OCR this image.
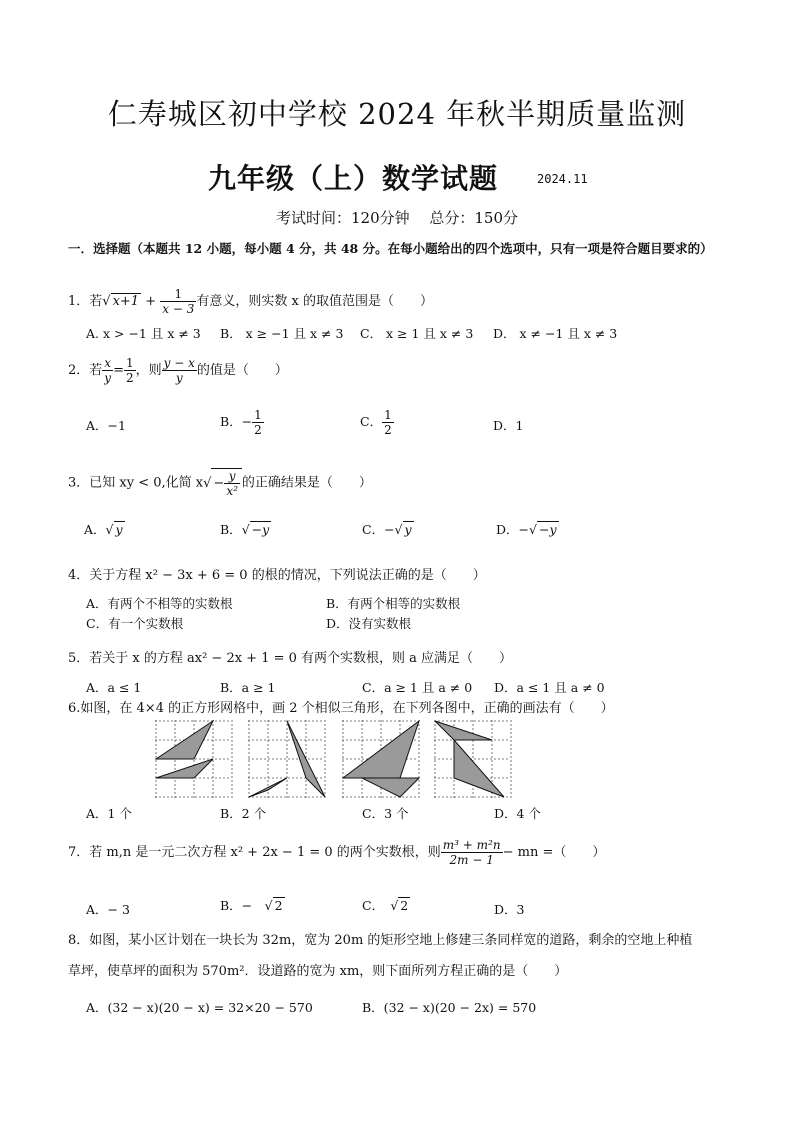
仁寿城区初中学校 2024 年秋半期质量监测
九年级（上）数学试题	2024.11
考试时间：120分钟　 总分：150分
一．选择题（本题共 12 小题，每小题 4 分，共 48 分。在每小题给出的四个选项中，只有一项是符合题目要求的）
1．若√ $x+1 + \frac{1}{x - 3}$ 有意义，则实数 x 的取值范围是（　　）
A. x > −1 且 x ≠ 3 B． x ≥ −1 且 x ≠ 3 C． x ≥ 1 且 x ≠ 3 D． x ≠ −1 且 x ≠ 3
2．若 $\frac{x}{y} = \frac{1}{2}$ ，则 $\frac{y - x}{y}$ 的值是（　　）
A．−1	B．− $\frac{1}{2}$	C． $\frac{1}{2}$	D．1
3．已知 xy < 0,化简 $x√ - \frac{y}{\text{x²}}$ 的正确结果是（　　）
A．√ y	B．√ −y	C．−√ y	D．−√ −y
4．关于方程 x² − 3x + 6 = 0 的根的情况，下列说法正确的是（　　）
A．有两个不相等的实数根	B．有两个相等的实数根
C．有一个实数根	D．没有实数根
5．若关于 x 的方程 ax² − 2x + 1 = 0 有两个实数根，则 a 应满足（　　）
A．a ≤ 1	B．a ≥ 1	C．a ≥ 1 且 a ≠ 0 D．a ≤ 1 且 a ≠ 0
6.如图，在 4×4 的正方形网格中，画 2 个相似三角形，在下列各图中，正确的画法有（　　）
A．1 个	B．2 个	C．3 个	D．4 个
7．若 m,n 是一元二次方程 x² + 2x − 1 = 0 的两个实数根，则 $\frac{\text{m³ + m²n}}{2m - 1}$ − mn =（　　）
A．− 3	B．−　√ 2	C．　√ 2	D．3
8．如图，某小区计划在一块长为 32m，宽为 20m 的矩形空地上修建三条同样宽的道路，剩余的空地上种植
草坪，使草坪的面积为 570m²．设道路的宽为 xm，则下面所列方程正确的是（　　）
A．(32 − x)(20 − x) = 32×20 − 570	B．(32 − x)(20 − 2x) = 570
